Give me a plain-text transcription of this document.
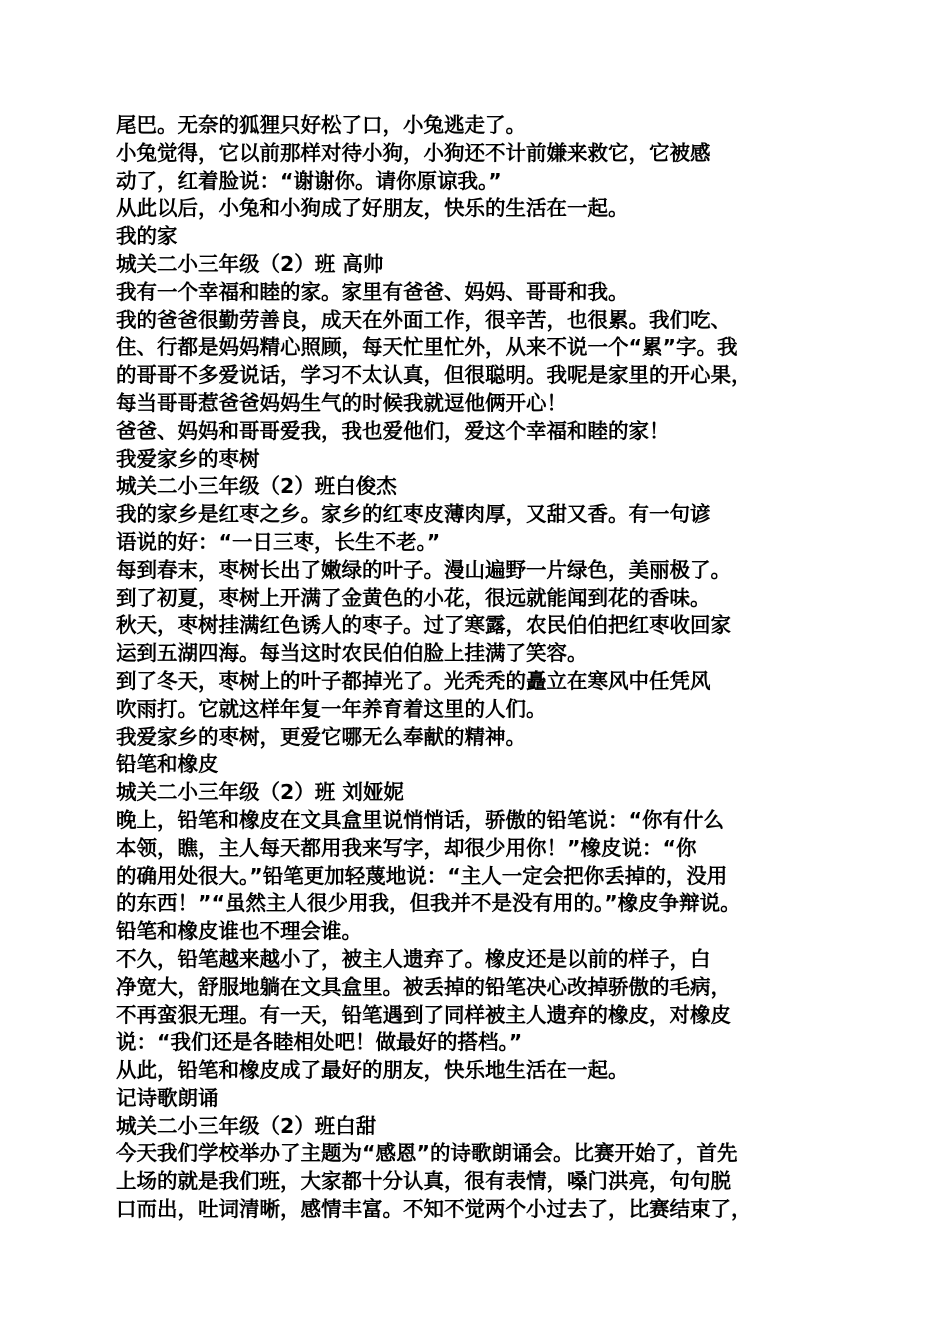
尾巴。无奈的狐狸只好松了口，小兔逃走了。
小兔觉得，它以前那样对待小狗，小狗还不计前嫌来救它，它被感
动了，红着脸说：“谢谢你。请你原谅我。”
从此以后，小兔和小狗成了好朋友，快乐的生活在一起。
我的家
城关二小三年级（2）班 高帅
我有一个幸福和睦的家。家里有爸爸、妈妈、哥哥和我。
我的爸爸很勤劳善良，成天在外面工作，很辛苦，也很累。我们吃、
住、行都是妈妈精心照顾，每天忙里忙外，从来不说一个“累”字。我
的哥哥不多爱说话，学习不太认真，但很聪明。我呢是家里的开心果，
每当哥哥惹爸爸妈妈生气的时候我就逗他俩开心！
爸爸、妈妈和哥哥爱我，我也爱他们，爱这个幸福和睦的家！
我爱家乡的枣树
城关二小三年级（2）班白俊杰
我的家乡是红枣之乡。家乡的红枣皮薄肉厚，又甜又香。有一句谚
语说的好：“一日三枣，长生不老。”
每到春末，枣树长出了嫩绿的叶子。漫山遍野一片绿色，美丽极了。
到了初夏，枣树上开满了金黄色的小花，很远就能闻到花的香味。
秋天，枣树挂满红色诱人的枣子。过了寒露，农民伯伯把红枣收回家
运到五湖四海。每当这时农民伯伯脸上挂满了笑容。
到了冬天，枣树上的叶子都掉光了。光秃秃的矗立在寒风中任凭风
吹雨打。它就这样年复一年养育着这里的人们。
我爱家乡的枣树，更爱它哪无么奉献的精神。
铅笔和橡皮
城关二小三年级（2）班 刘娅妮
晚上，铅笔和橡皮在文具盒里说悄悄话，骄傲的铅笔说：“你有什么
本领，瞧，主人每天都用我来写字，却很少用你！”橡皮说：“你
的确用处很大。”铅笔更加轻蔑地说：“主人一定会把你丢掉的，没用
的东西！”“虽然主人很少用我，但我并不是没有用的。”橡皮争辩说。
铅笔和橡皮谁也不理会谁。
不久，铅笔越来越小了，被主人遗弃了。橡皮还是以前的样子，白
净宽大，舒服地躺在文具盒里。被丢掉的铅笔决心改掉骄傲的毛病，
不再蛮狠无理。有一天，铅笔遇到了同样被主人遗弃的橡皮，对橡皮
说：“我们还是各睦相处吧！做最好的搭档。”
从此，铅笔和橡皮成了最好的朋友，快乐地生活在一起。
记诗歌朗诵
城关二小三年级（2）班白甜
今天我们学校举办了主题为“感恩”的诗歌朗诵会。比赛开始了，首先
上场的就是我们班，大家都十分认真，很有表情，嗓门洪亮，句句脱
口而出，吐词清晰，感情丰富。不知不觉两个小过去了，比赛结束了，
